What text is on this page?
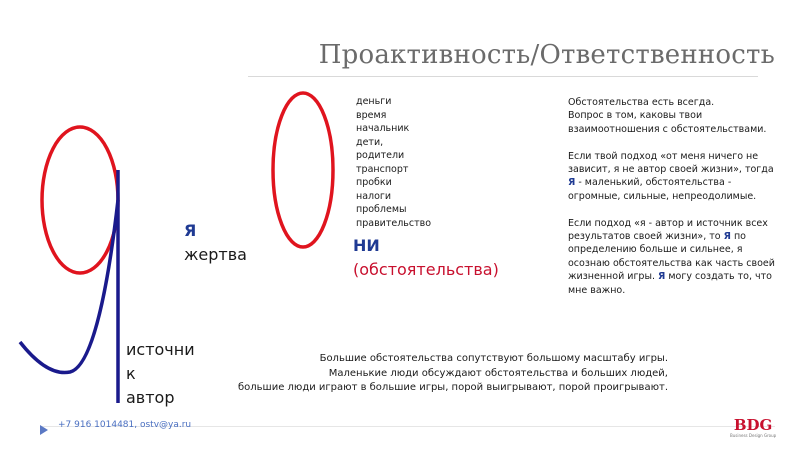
Проактивность/Ответственность
деньги
время
начальник
дети,
родители
транспорт
пробки
налоги
проблемы
правительство
НИ
(обстоятельства)
Я
жертва
источни
к
автор

Обстоятельства есть всегда.
Вопрос в том, каковы твои взаимоотношения с обстоятельствами.

Если твой подход «от меня ничего не зависит, я не автор своей жизни», тогда Я - маленький, обстоятельства - огромные, сильные, непреодолимые.

Если подход «я - автор и источник всех результатов своей жизни», то Я по определению больше и сильнее, я осознаю обстоятельства как часть своей жизненной игры. Я могу создать то, что мне важно.

Большие обстоятельства сопутствуют большому масштабу игры.
Маленькие люди обсуждают обстоятельства и больших людей,
большие люди играют в большие игры, порой выигрывают, порой проигрывают.
+7 916 1014481, ostv@ya.ru	BDG
Business Design Group
